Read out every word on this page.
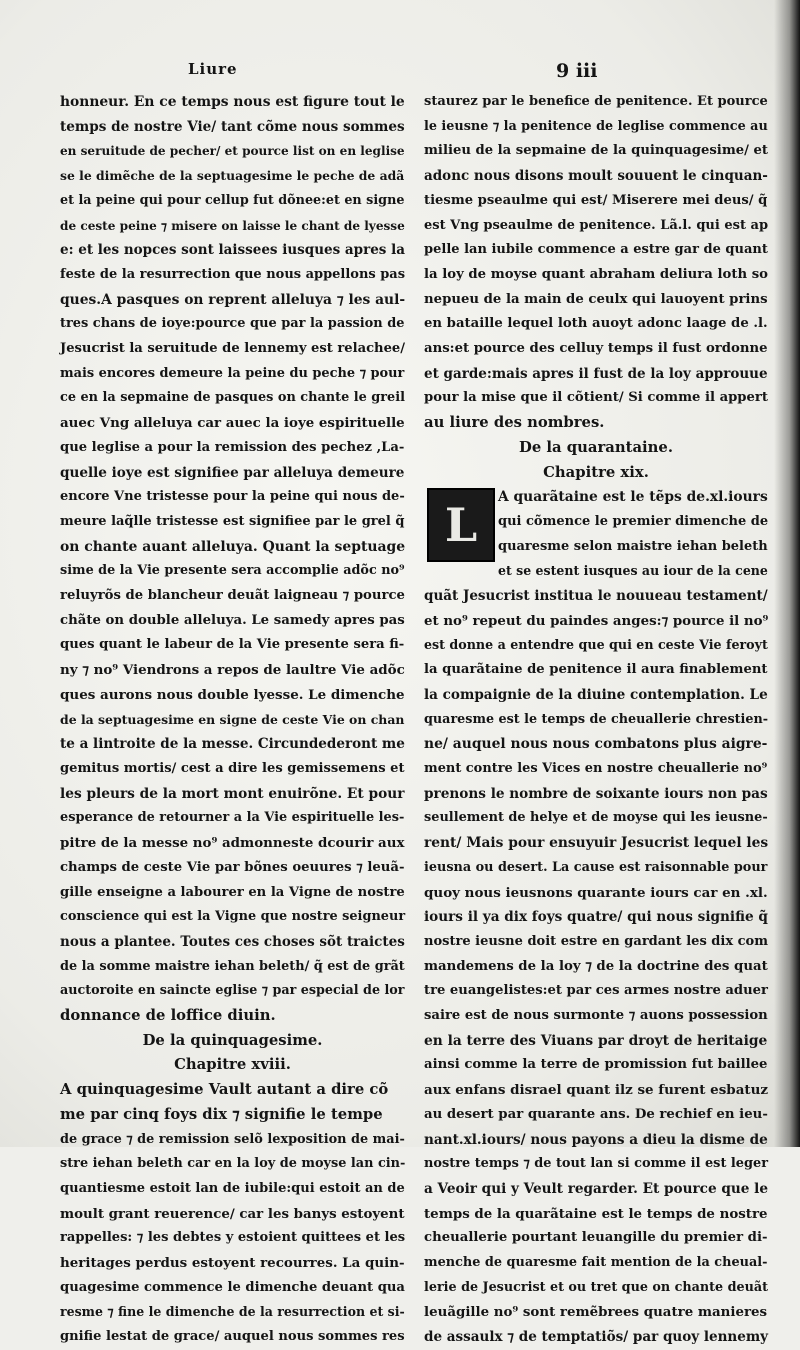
Liure	9 iii
honneur. En ce temps nous est figure tout le
temps de nostre Vie/ tant cõme nous sommes
en seruitude de pecher/ et pource list on en leglise
se le dimẽche de la septuagesime le peche de adã
et la peine qui pour cellup fut dõnee:et en signe
de ceste peine ⁊ misere on laisse le chant de lyesse
e: et les nopces sont laissees iusques apres la
feste de la resurrection que nous appellons pas
ques.A pasques on reprent alleluya ⁊ les aul-
tres chans de ioye:pource que par la passion de
Jesucrist la seruitude de lennemy est relachee/
mais encores demeure la peine du peche ⁊ pour
ce en la sepmaine de pasques on chante le greil
auec Vng alleluya car auec la ioye espirituelle
que leglise a pour la remission des pechez ,La-
quelle ioye est signifiee par alleluya demeure
encore Vne tristesse pour la peine qui nous de-
meure laq̃lle tristesse est signifiee par le grel q̃
on chante auant alleluya. Quant la septuage
sime de la Vie presente sera accomplie adõc no⁹
reluyrõs de blancheur deuãt laigneau ⁊ pource
chãte on double alleluya. Le samedy apres pas
ques quant le labeur de la Vie presente sera fi-
ny ⁊ no⁹ Viendrons a repos de laultre Vie adõc
ques aurons nous double lyesse. Le dimenche
de la septuagesime en signe de ceste Vie on chan
te a lintroite de la messe. Circundederont me
gemitus mortis/ cest a dire les gemissemens et
les pleurs de la mort mont enuirõne. Et pour
esperance de retourner a la Vie espirituelle les-
pitre de la messe no⁹ admonneste dcourir aux
champs de ceste Vie par bõnes oeuures ⁊ leuã-
gille enseigne a labourer en la Vigne de nostre
conscience qui est la Vigne que nostre seigneur
nous a plantee. Toutes ces choses sõt traictes
de la somme maistre iehan beleth/ q̃ est de grãt
auctoroite en saincte eglise ⁊ par especial de lor
donnance de loffice diuin.
De la quinquagesime.
Chapitre xviii.
A quinquagesime Vault autant a dire cõ
me par cinq foys dix ⁊ signifie le tempe
de grace ⁊ de remission selõ lexposition de mai-
stre iehan beleth car en la loy de moyse lan cin-
quantiesme estoit lan de iubile:qui estoit an de
moult grant reuerence/ car les banys estoyent
rappelles: ⁊ les debtes y estoient quittees et les
heritages perdus estoyent recourres. La quin-
quagesime commence le dimenche deuant qua
resme ⁊ fine le dimenche de la resurrection et si-
gnifie lestat de grace/ auquel nous sommes res
staurez par le benefice de penitence. Et pource
le ieusne ⁊ la penitence de leglise commence au
milieu de la sepmaine de la quinquagesime/ et
adonc nous disons moult souuent le cinquan-
tiesme pseaulme qui est/ Miserere mei deus/ q̃
est Vng pseaulme de penitence. Lã.l. qui est ap
pelle lan iubile commence a estre gar de quant
la loy de moyse quant abraham deliura loth so
nepueu de la main de ceulx qui lauoyent prins
en bataille lequel loth auoyt adonc laage de .l.
ans:et pource des celluy temps il fust ordonne
et garde:mais apres il fust de la loy approuue
pour la mise que il cõtient/ Si comme il appert
au liure des nombres.
De la quarantaine.
Chapitre xix.
L
A quarãtaine est le tẽps de.xl.iours
qui cõmence le premier dimenche de
quaresme selon maistre iehan beleth
et se estent iusques au iour de la cene
quãt Jesucrist institua le nouueau testament/
et no⁹ repeut du paindes anges:⁊ pource il no⁹
est donne a entendre que qui en ceste Vie feroyt
la quarãtaine de penitence il aura finablement
la compaignie de la diuine contemplation. Le
quaresme est le temps de cheuallerie chrestien-
ne/ auquel nous nous combatons plus aigre-
ment contre les Vices en nostre cheuallerie no⁹
prenons le nombre de soixante iours non pas
seullement de helye et de moyse qui les ieusne-
rent/ Mais pour ensuyuir Jesucrist lequel les
ieusna ou desert. La cause est raisonnable pour
quoy nous ieusnons quarante iours car en .xl.
iours il ya dix foys quatre/ qui nous signifie q̃
nostre ieusne doit estre en gardant les dix com
mandemens de la loy ⁊ de la doctrine des quat
tre euangelistes:et par ces armes nostre aduer
saire est de nous surmonte ⁊ auons possession
en la terre des Viuans par droyt de heritaige
ainsi comme la terre de promission fut baillee
aux enfans disrael quant ilz se furent esbatuz
au desert par quarante ans. De rechief en ieu-
nant.xl.iours/ nous payons a dieu la disme de
nostre temps ⁊ de tout lan si comme il est leger
a Veoir qui y Veult regarder. Et pource que le
temps de la quarãtaine est le temps de nostre
cheuallerie pourtant leuangille du premier di-
menche de quaresme fait mention de la cheual-
lerie de Jesucrist et ou tret que on chante deuãt
leuãgille no⁹ sont remẽbrees quatre manieres
de assaulx ⁊ de temptatiõs/ par quoy lennemy
